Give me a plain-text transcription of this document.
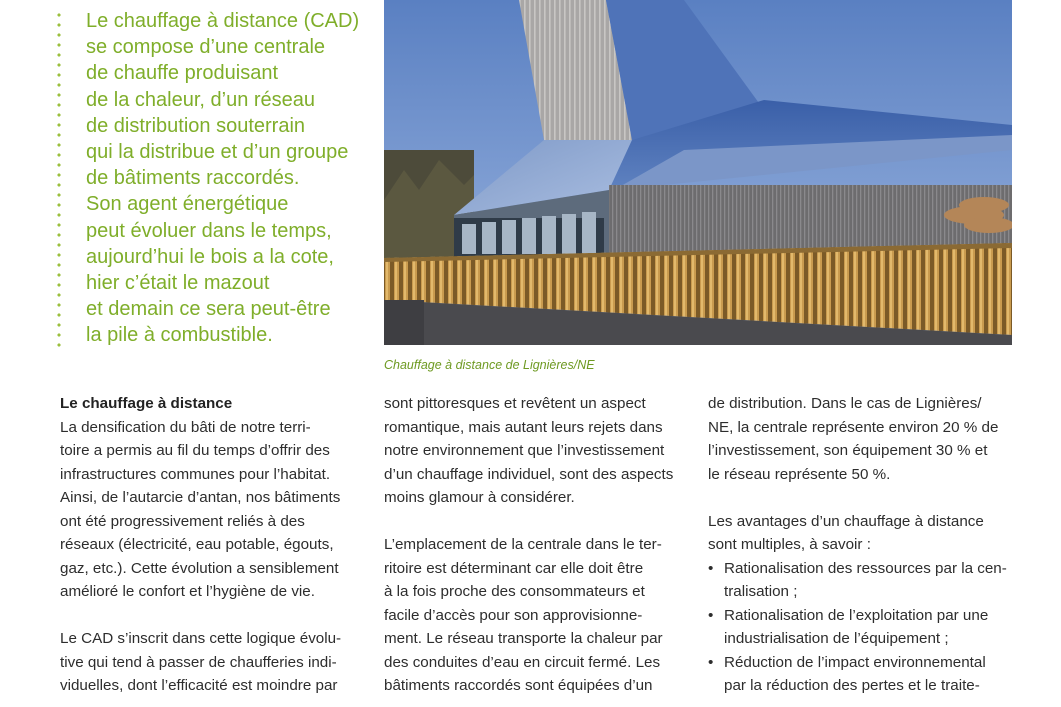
Le chauffage à distance (CAD)
se compose d’une centrale
de chauffe produisant
de la chaleur, d’un réseau
de distribution souterrain
qui la distribue et d’un groupe
de bâtiments raccordés.
Son agent énergétique
peut évoluer dans le temps,
aujourd’hui le bois a la cote,
hier c’était le mazout
et demain ce sera peut-être
la pile à combustible.
Chauffage à distance de Lignières/NE
Le chauffage à distance
La densification du bâti de notre terri-
toire a permis au fil du temps d’offrir des
infrastructures communes pour l’habitat.
Ainsi, de l’autarcie d’antan, nos bâtiments
ont été progressivement reliés à des
réseaux (électricité, eau potable, égouts,
gaz, etc.). Cette évolution a sensiblement
amélioré le confort et l’hygiène de vie.
Le CAD s’inscrit dans cette logique évolu-
tive qui tend à passer de chaufferies indi-
viduelles, dont l’efficacité est moindre par
sont pittoresques et revêtent un aspect
romantique, mais autant leurs rejets dans
notre environnement que l’investissement
d’un chauffage individuel, sont des aspects
moins glamour à considérer.
L’emplacement de la centrale dans le ter-
ritoire est déterminant car elle doit être
à la fois proche des consommateurs et
facile d’accès pour son approvisionne-
ment. Le réseau transporte la chaleur par
des conduites d’eau en circuit fermé. Les
bâtiments raccordés sont équipées d’un
de distribution. Dans le cas de Lignières/
NE, la centrale représente environ 20 % de
l’investissement, son équipement 30 % et
le réseau représente 50 %.
Les avantages d’un chauffage à distance
sont multiples, à savoir :
• Rationalisation des ressources par la cen-
tralisation ;
• Rationalisation de l’exploitation par une
industrialisation de l’équipement ;
• Réduction de l’impact environnemental
par la réduction des pertes et le traite-
